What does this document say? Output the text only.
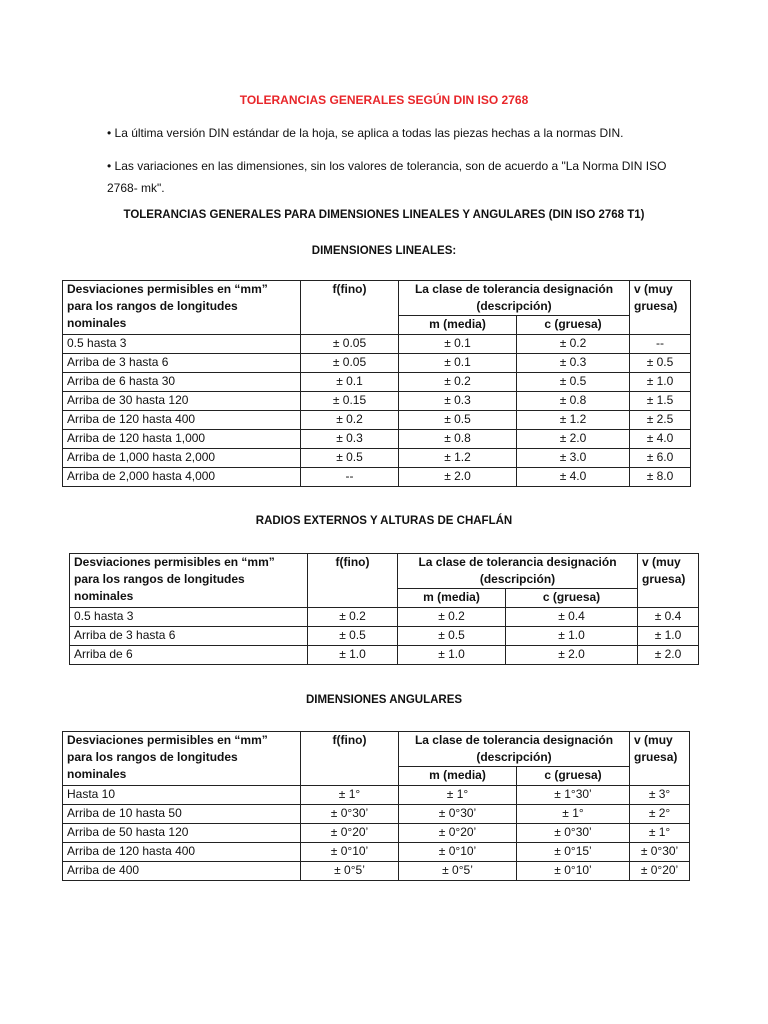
TOLERANCIAS GENERALES SEGÚN DIN ISO 2768
• La última versión DIN estándar de la hoja, se aplica a todas las piezas hechas a la normas DIN.
• Las variaciones en las dimensiones, sin los valores de tolerancia, son de acuerdo a "La Norma DIN ISO 2768- mk".
TOLERANCIAS GENERALES PARA DIMENSIONES LINEALES Y ANGULARES (DIN ISO 2768 T1)
DIMENSIONES LINEALES:
Desviaciones permisibles en “mm” para los rangos de longitudes nominales	f(fino)	La clase de tolerancia designación (descripción)		v (muy gruesa)
		m (media)	c (gruesa)	
0.5 hasta 3	± 0.05	± 0.1	± 0.2	--
Arriba de 3 hasta 6	± 0.05	± 0.1	± 0.3	± 0.5
Arriba de 6 hasta 30	± 0.1	± 0.2	± 0.5	± 1.0
Arriba de 30 hasta 120	± 0.15	± 0.3	± 0.8	± 1.5
Arriba de 120 hasta 400	± 0.2	± 0.5	± 1.2	± 2.5
Arriba de 120 hasta 1,000	± 0.3	± 0.8	± 2.0	± 4.0
Arriba de 1,000 hasta 2,000	± 0.5	± 1.2	± 3.0	± 6.0
Arriba de 2,000 hasta 4,000	--	± 2.0	± 4.0	± 8.0
RADIOS EXTERNOS Y ALTURAS DE CHAFLÁN
Desviaciones permisibles en “mm” para los rangos de longitudes nominales	f(fino)	La clase de tolerancia designación (descripción)		v (muy gruesa)
		m (media)	c (gruesa)	
0.5 hasta 3	± 0.2	± 0.2	± 0.4	± 0.4
Arriba de 3 hasta 6	± 0.5	± 0.5	± 1.0	± 1.0
Arriba de 6	± 1.0	± 1.0	± 2.0	± 2.0
DIMENSIONES ANGULARES
Desviaciones permisibles en “mm” para los rangos de longitudes nominales	f(fino)	La clase de tolerancia designación (descripción)		v (muy gruesa)
		m (media)	c (gruesa)	
Hasta 10	± 1°	± 1°	± 1°30’	± 3°
Arriba de 10 hasta 50	± 0°30’	± 0°30’	± 1°	± 2°
Arriba de 50 hasta 120	± 0°20’	± 0°20’	± 0°30’	± 1°
Arriba de 120 hasta 400	± 0°10’	± 0°10’	± 0°15’	± 0°30’
Arriba de 400	± 0°5’	± 0°5’	± 0°10’	± 0°20’
